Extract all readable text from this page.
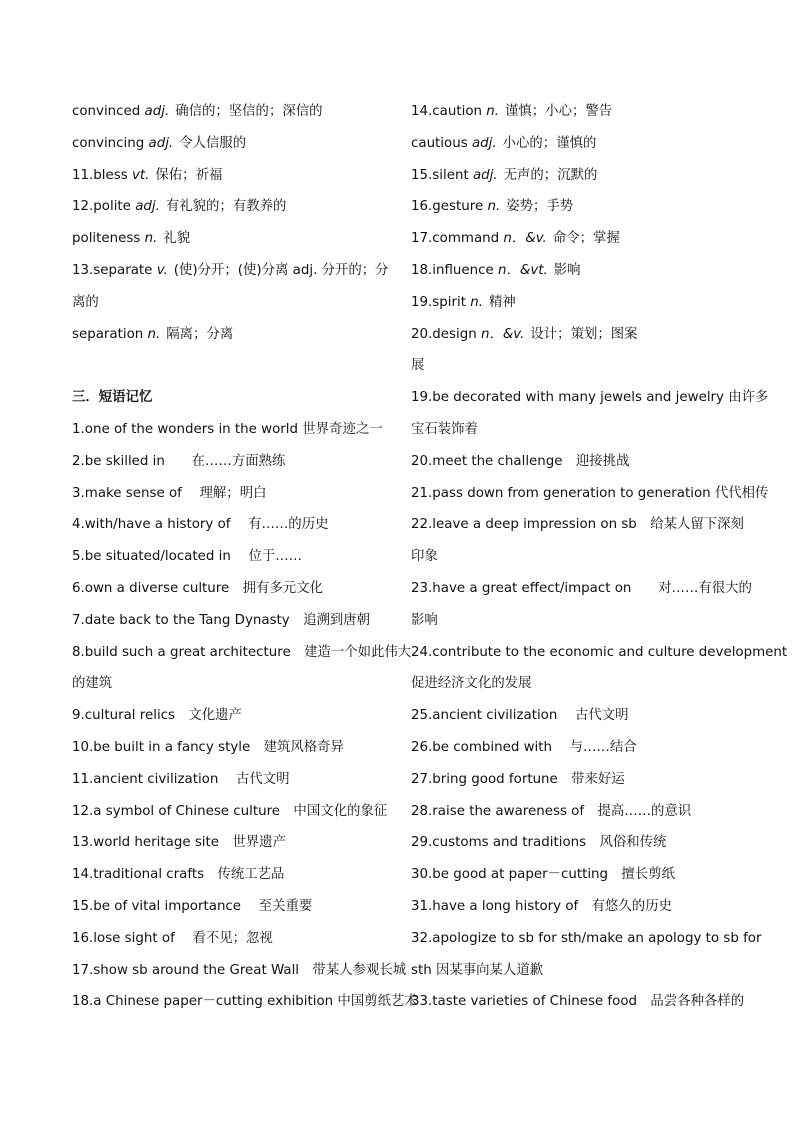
convinced adj. 确信的；坚信的；深信的
convincing adj. 令人信服的
11.bless vt. 保佑；祈福
12.polite adj. 有礼貌的；有教养的
politeness n. 礼貌
13.separate v. (使)分开；(使)分离 adj. 分开的；分
离的
separation n. 隔离；分离
三．短语记忆
1.one of the wonders in the world 世界奇迹之一
2.be skilled in　　在……方面熟练
3.make sense of　 理解；明白
4.with/have a history of　 有……的历史
5.be situated/located in　 位于……
6.own a diverse culture　拥有多元文化
7.date back to the Tang Dynasty　追溯到唐朝
8.build such a great architecture　建造一个如此伟大
的建筑
9.cultural relics　文化遗产
10.be built in a fancy style　建筑风格奇异
11.ancient civilization　 古代文明
12.a symbol of Chinese culture　中国文化的象征
13.world heritage site　世界遗产
14.traditional crafts　传统工艺品
15.be of vital importance　 至关重要
16.lose sight of　 看不见；忽视
17.show sb around the Great Wall　带某人参观长城
18.a Chinese paper－cutting exhibition 中国剪纸艺术
14.caution n. 谨慎；小心；警告
cautious adj. 小心的；谨慎的
15.silent adj. 无声的；沉默的
16.gesture n. 姿势；手势
17.command n．&v. 命令；掌握
18.influence n．&vt. 影响
19.spirit n. 精神
20.design n．&v. 设计；策划；图案
展
19.be decorated with many jewels and jewelry 由许多
宝石装饰着
20.meet the challenge　迎接挑战
21.pass down from generation to generation 代代相传
22.leave a deep impression on sb　给某人留下深刻
印象
23.have a great effect/impact on　　对……有很大的
影响
24.contribute to the economic and culture development
促进经济文化的发展
25.ancient civilization　 古代文明
26.be combined with　 与……结合
27.bring good fortune　带来好运
28.raise the awareness of　提高……的意识
29.customs and traditions　风俗和传统
30.be good at paper－cutting　擅长剪纸
31.have a long history of　有悠久的历史
32.apologize to sb for sth/make an apology to sb for
sth 因某事向某人道歉
33.taste varieties of Chinese food　品尝各种各样的
